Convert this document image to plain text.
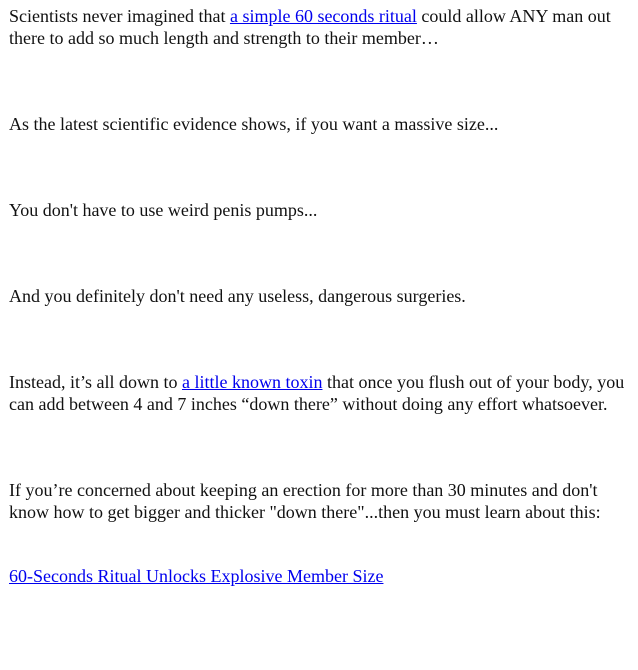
Scientists never imagined that a simple 60 seconds ritual could allow ANY man out there to add so much length and strength to their member…

As the latest scientific evidence shows, if you want a massive size...

You don't have to use weird penis pumps...

And you definitely don't need any useless, dangerous surgeries.

Instead, it’s all down to a little known toxin that once you flush out of your body, you can add between 4 and 7 inches “down there” without doing any effort whatsoever.

If you’re concerned about keeping an erection for more than 30 minutes and don't know how to get bigger and thicker "down there"...then you must learn about this:

60-Seconds Ritual Unlocks Explosive Member Size
